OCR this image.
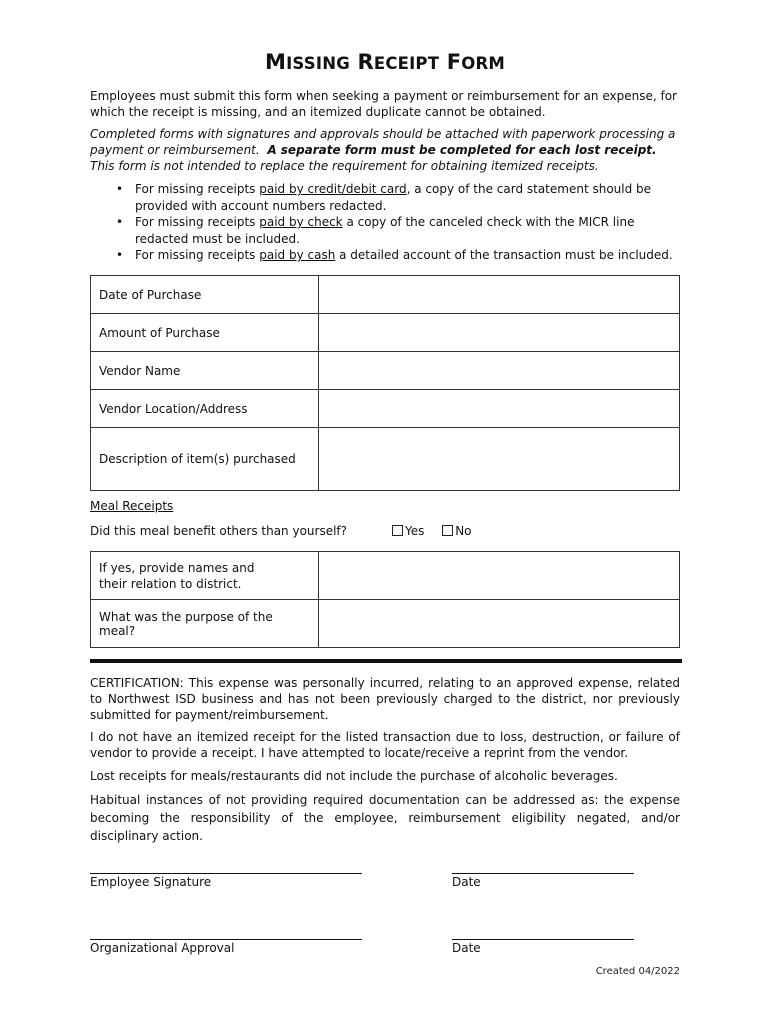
MISSING RECEIPT FORM

Employees must submit this form when seeking a payment or reimbursement for an expense, for which the receipt is missing, and an itemized duplicate cannot be obtained.

Completed forms with signatures and approvals should be attached with paperwork processing a payment or reimbursement. A separate form must be completed for each lost receipt.  This form is not intended to replace the requirement for obtaining itemized receipts.

• For missing receipts paid by credit/debit card, a copy of the card statement should be provided with account numbers redacted.
• For missing receipts paid by check a copy of the canceled check with the MICR line redacted must be included.
• For missing receipts paid by cash a detailed account of the transaction must be included.
Date of Purchase	
Amount of Purchase	
Vendor Name	
Vendor Location/Address	
Description of item(s) purchased	
Meal Receipts
Did this meal benefit others than yourself?	Yes	No
If yes, provide names and
their relation to district.	
What was the purpose of the meal?	

CERTIFICATION: This expense was personally incurred, relating to an approved expense, related to Northwest ISD business and has not been previously charged to the district, nor previously submitted for payment/reimbursement.

I do not have an itemized receipt for the listed transaction due to loss, destruction, or failure of vendor to provide a receipt. I have attempted to locate/receive a reprint from the vendor.

Lost receipts for meals/restaurants did not include the purchase of alcoholic beverages.

Habitual instances of not providing required documentation can be addressed as: the expense becoming the responsibility of the employee, reimbursement eligibility negated, and/or disciplinary action.

Employee Signature	Date
Organizational Approval	Date
Created 04/2022
